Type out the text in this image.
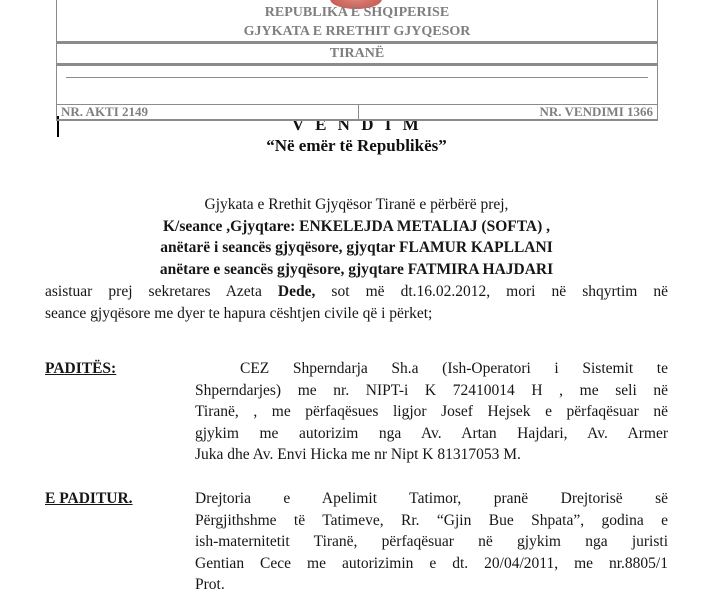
REPUBLIKA E SHQIPERISE
GJYKATA E RRETHIT GJYQESOR
TIRANË
NR. AKTI 2149	NR. VENDIMI 1366
V E N D I M
“Në emër të Republikës”
Gjykata e Rrethit Gjyqësor Tiranë e përbërë prej,
K/seance ,Gjyqtare: ENKELEJDA METALIAJ (SOFTA) ,
anëtarë i seancës gjyqësore, gjyqtar FLAMUR KAPLLANI
anëtare e seancës gjyqësore, gjyqtare FATMIRA HAJDARI
asistuar prej sekretares Azeta Dede, sot më dt.16.02.2012, mori në shqyrtim në
seance gjyqësore me dyer te hapura cështjen civile që i përket;
PADITËS:	CEZ Shperndarja Sh.a (Ish-Operatori i Sistemit te
Shperndarjes) me nr. NIPT-i K 72410014 H , me seli në
Tiranë, , me përfaqësues ligjor Josef Hejsek e përfaqësuar në
gjykim me autorizim nga Av. Artan Hajdari, Av. Armer
Juka dhe Av. Envi Hicka me nr Nipt K 81317053 M.
E PADITUR.	Drejtoria e Apelimit Tatimor, pranë Drejtorisë së
Përgjithshme të Tatimeve, Rr. “Gjin Bue Shpata”, godina e
ish-maternitetit Tiranë, përfaqësuar në gjykim nga juristi
Gentian Cece me autorizimin e dt. 20/04/2011, me nr.8805/1
Prot.
